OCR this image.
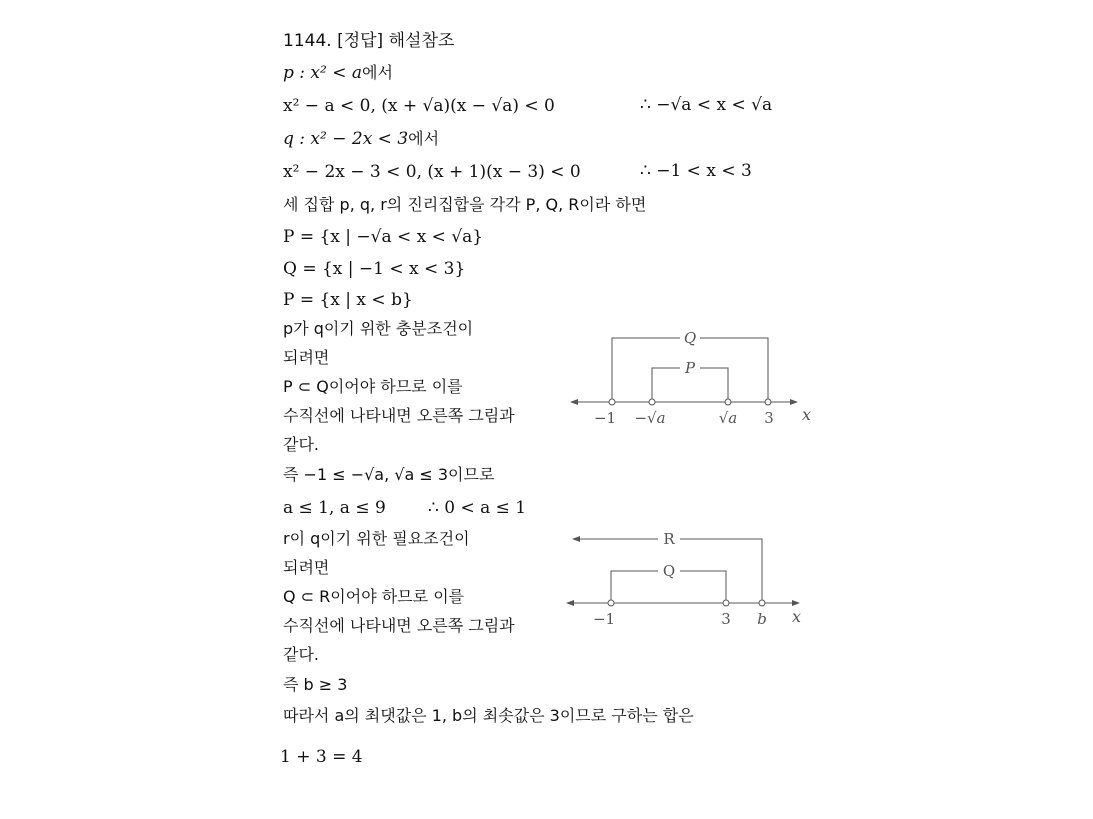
1144. [정답] 해설참조
p : x² < a에서
x² − a < 0, (x + √a)(x − √a) < 0	∴ −√a < x < √a
q : x² − 2x < 3에서
x² − 2x − 3 < 0, (x + 1)(x − 3) < 0	∴ −1 < x < 3
세 집합 p, q, r의 진리집합을 각각 P, Q, R이라 하면
P = {x | −√a < x < √a}
Q = {x | −1 < x < 3}
P = {x | x < b}
p가 q이기 위한 충분조건이
되려면
P ⊂ Q이어야 하므로 이를
수직선에 나타내면 오른쪽 그림과
같다.
즉 −1 ≤ −√a, √a ≤ 3이므로
a ≤ 1, a ≤ 9 ∴ 0 < a ≤ 1
r이 q이기 위한 필요조건이
되려면
Q ⊂ R이어야 하므로 이를
수직선에 나타내면 오른쪽 그림과
같다.
즉 b ≥ 3
따라서 a의 최댓값은 1, b의 최솟값은 3이므로 구하는 합은
1 + 3 = 4
Q
P
−1 −√a	√a 3 x
R
Q
−1	3 b x
